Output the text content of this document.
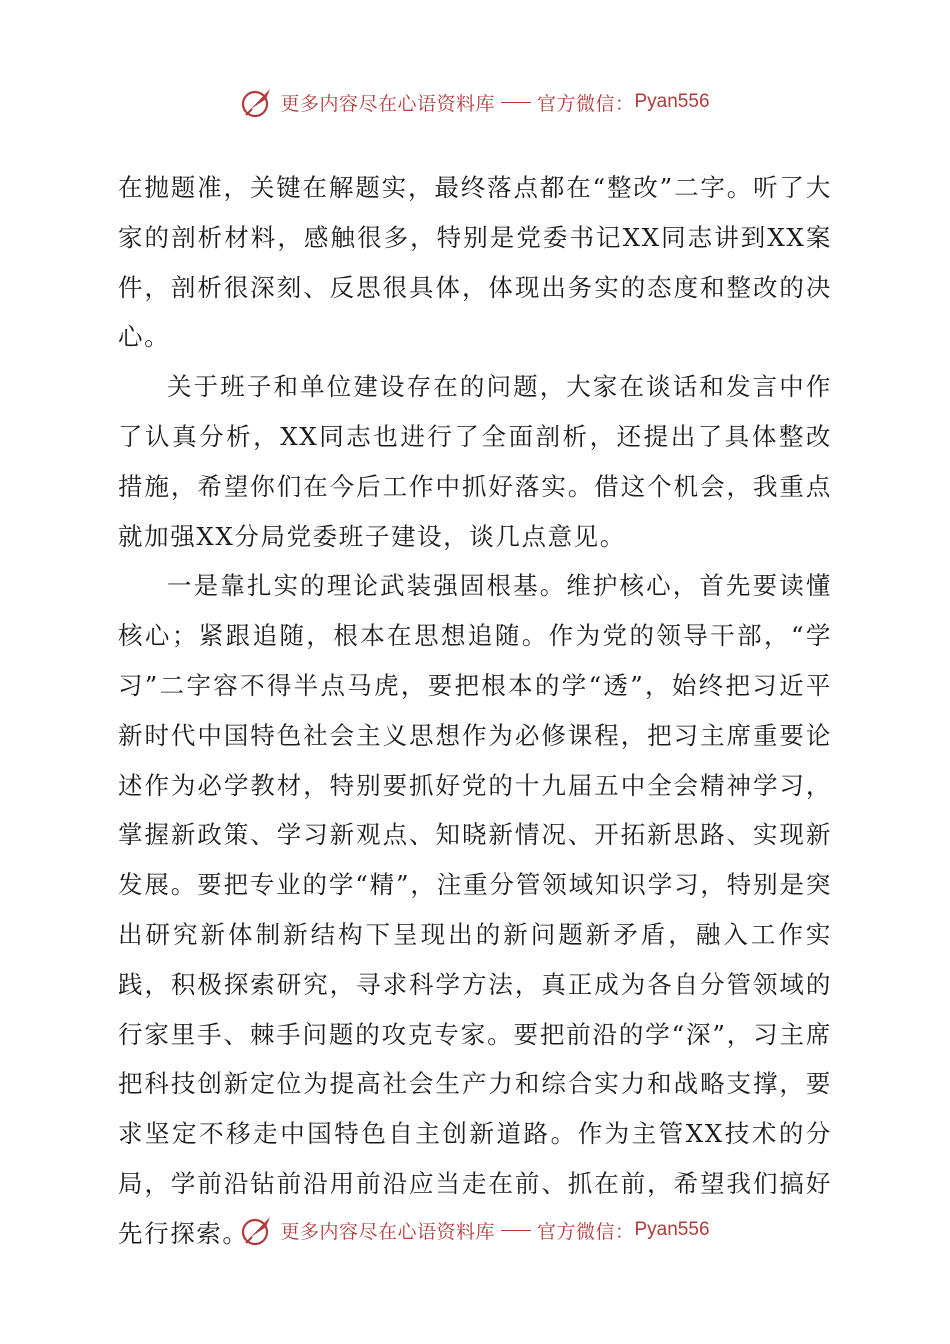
更多内容尽在心语资料库 官方微信： Pyan556

在抛题准，关键在解题实，最终落点都在“整改”二字。听了大家的剖析材料，感触很多，特别是党委书记XX同志讲到XX案件，剖析很深刻、反思很具体，体现出务实的态度和整改的决心。

关于班子和单位建设存在的问题，大家在谈话和发言中作了认真分析，XX同志也进行了全面剖析，还提出了具体整改措施，希望你们在今后工作中抓好落实。借这个机会，我重点就加强XX分局党委班子建设，谈几点意见。

一是靠扎实的理论武装强固根基。维护核心，首先要读懂核心；紧跟追随，根本在思想追随。作为党的领导干部，“学习”二字容不得半点马虎，要把根本的学“透”，始终把习近平新时代中国特色社会主义思想作为必修课程，把习主席重要论述作为必学教材，特别要抓好党的十九届五中全会精神学习，掌握新政策、学习新观点、知晓新情况、开拓新思路、实现新发展。要把专业的学“精”，注重分管领域知识学习，特别是突出研究新体制新结构下呈现出的新问题新矛盾，融入工作实践，积极探索研究，寻求科学方法，真正成为各自分管领域的行家里手、棘手问题的攻克专家。要把前沿的学“深”，习主席把科技创新定位为提高社会生产力和综合实力和战略支撑，要求坚定不移走中国特色自主创新道路。作为主管XX技术的分局，学前沿钻前沿用前沿应当走在前、抓在前，希望我们搞好先行探索。	更多内容尽在心语资料库 官方微信： Pyan556
